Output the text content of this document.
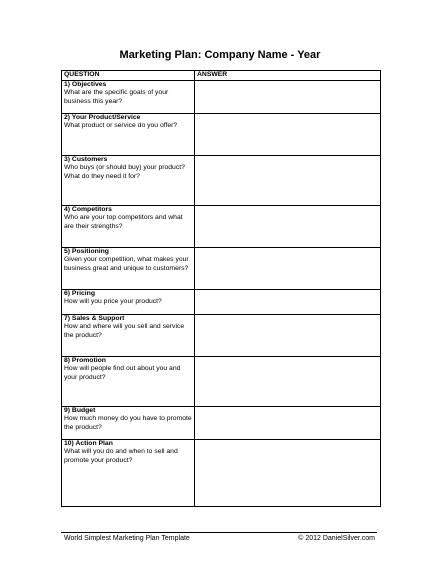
Marketing Plan: Company Name - Year
QUESTION	ANSWER

1) Objectives
What are the specific goals of your business this year?	

2) Your Product/Service
What product or service do you offer?	

3) Customers
Who buys (or should buy) your product? What do they need it for?	

4) Competitors
Who are your top competitors and what are their strengths?	

5) Positioning
Given your competition, what makes your business great and unique to customers?	

6) Pricing
How will you price your product?	

7) Sales & Support
How and where will you sell and service the product?	

8) Promotion
How will people find out about you and your product?	

9) Budget
How much money do you have to promote the product?	

10) Action Plan
What will you do and when to sell and promote your product?	

World Simplest Marketing Plan Template	© 2012 DanielSilver.com
